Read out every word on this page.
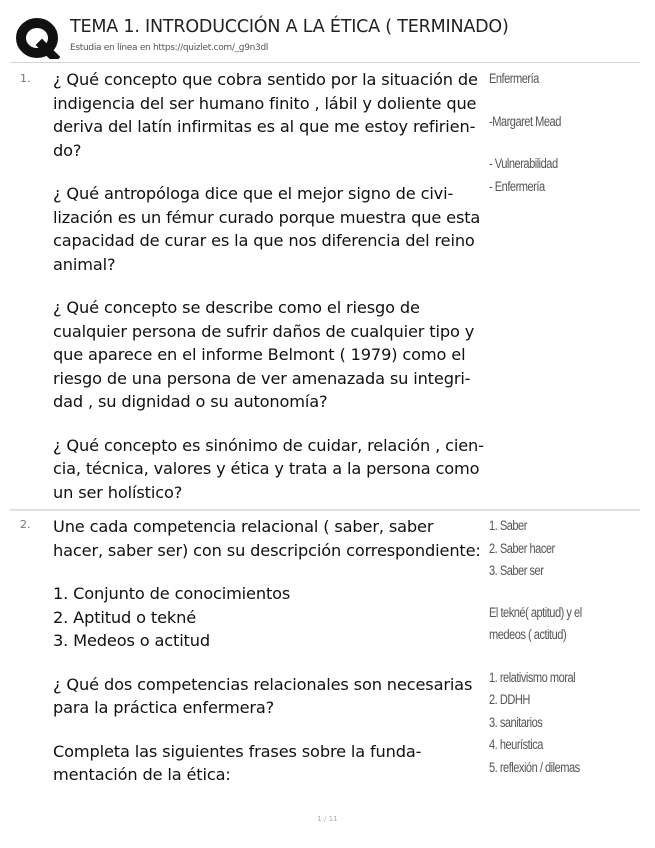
TEMA 1. INTRODUCCIÓN A LA ÉTICA ( TERMINADO)
Estudia en línea en https://quizlet.com/_g9n3dl
1. ¿ Qué concepto que cobra sentido por la situación de indigencia del ser humano finito , lábil y doliente que deriva del latín infirmitas es al que me estoy refirien-do?

¿ Qué antropóloga dice que el mejor signo de civi-lización es un fémur curado porque muestra que esta capacidad de curar es la que nos diferencia del reino animal?

¿ Qué concepto se describe como el riesgo de cualquier persona de sufrir daños de cualquier tipo y que aparece en el informe Belmont ( 1979) como el riesgo de una persona de ver amenazada su integri-dad , su dignidad o su autonomía?

¿ Qué concepto es sinónimo de cuidar, relación , cien-cia, técnica, valores y ética y trata a la persona como un ser holístico?

Enfermería

-Margaret Mead

- Vulnerabilidad

- Enfermería

2. Une cada competencia relacional ( saber, saber hacer, saber ser) con su descripción correspondiente:

1. Conjunto de conocimientos

2. Aptitud o tekné

3. Medeos o actitud

¿ Qué dos competencias relacionales son necesarias para la práctica enfermera?

Completa las siguientes frases sobre la funda-mentación de la ética:

1. Saber

2. Saber hacer

3. Saber ser

El tekné( aptitud) y el

medeos ( actitud)

1. relativismo moral

2. DDHH

3. sanitarios

4. heurística

5. reflexión / dilemas

1 / 11
